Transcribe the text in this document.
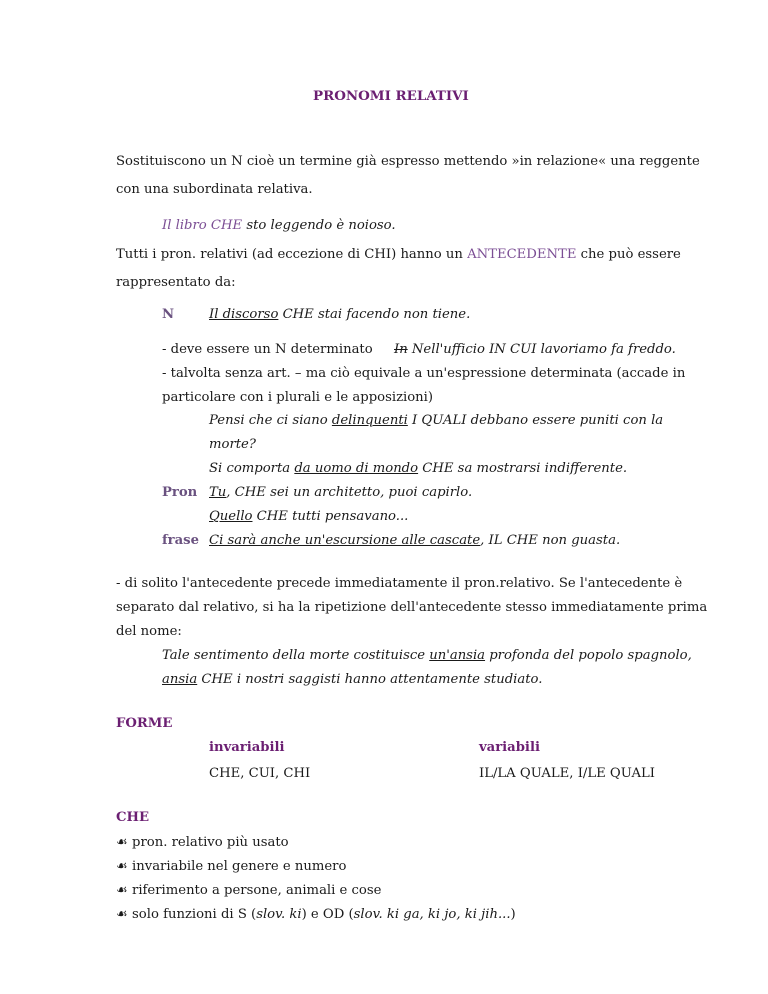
PRONOMI RELATIVI
Sostituiscono un N cioè un termine già espresso mettendo »in relazione« una reggente
con una subordinata relativa.
Il libro CHE sto leggendo è noioso.
Tutti i pron. relativi (ad eccezione di CHI) hanno un ANTECEDENTE che può essere
rappresentato da:
N	Il discorso CHE stai facendo non tiene.
- deve essere un N determinato In Nell'ufficio IN CUI lavoriamo fa freddo.
- talvolta senza art. – ma ciò equivale a un'espressione determinata (accade in
particolare con i plurali e le apposizioni)
Pensi che ci siano delinquenti I QUALI debbano essere puniti con la
morte?
Si comporta da uomo di mondo CHE sa mostrarsi indifferente.
Pron Tu, CHE sei un architetto, puoi capirlo.
Quello CHE tutti pensavano...
frase Ci sarà anche un'escursione alle cascate, IL CHE non guasta.
- di solito l'antecedente precede immediatamente il pron.relativo. Se l'antecedente è
separato dal relativo, si ha la ripetizione dell'antecedente stesso immediatamente prima
del nome:
Tale sentimento della morte costituisce un'ansia profonda del popolo spagnolo,
ansia CHE i nostri saggisti hanno attentamente studiato.
FORME
invariabili	variabili
CHE, CUI, CHI	IL/LA QUALE, I/LE QUALI
CHE
☙ pron. relativo più usato
☙ invariabile nel genere e numero
☙ riferimento a persone, animali e cose
☙ solo funzioni di S (slov. ki) e OD (slov. ki ga, ki jo, ki jih...)
